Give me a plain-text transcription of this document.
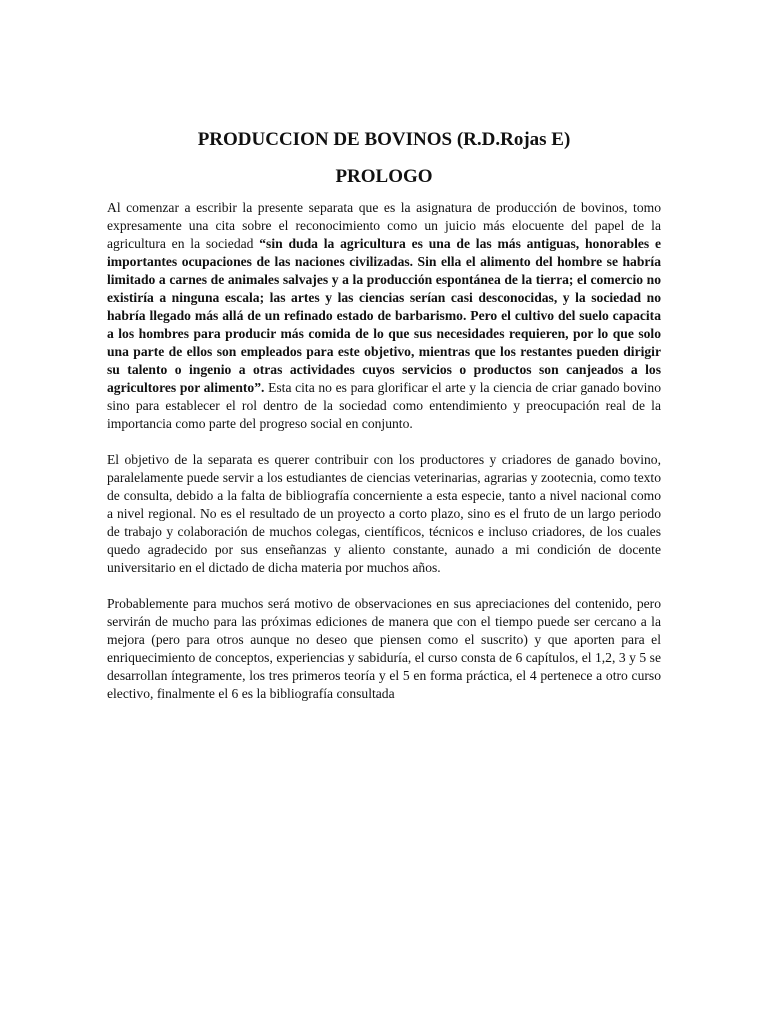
PRODUCCION DE BOVINOS (R.D.Rojas E)
PROLOGO

Al comenzar a escribir la presente separata que es la asignatura de producción de bovinos, tomo expresamente una cita sobre el reconocimiento como un juicio más elocuente del papel de la agricultura en la sociedad “sin duda la agricultura es una de las más antiguas, honorables e importantes ocupaciones de las naciones civilizadas. Sin ella el alimento del hombre se habría limitado a carnes de animales salvajes y a la producción espontánea de la tierra; el comercio no existiría a ninguna escala; las artes y las ciencias serían casi desconocidas, y la sociedad no habría llegado más allá de un refinado estado de barbarismo. Pero el cultivo del suelo capacita a los hombres para producir más comida de lo que sus necesidades requieren, por lo que solo una parte de ellos son empleados para este objetivo, mientras que los restantes pueden dirigir su talento o ingenio a otras actividades cuyos servicios o productos son canjeados a los agricultores por alimento”. Esta cita no es para glorificar el arte y la ciencia de criar ganado bovino sino para establecer el rol dentro de la sociedad como entendimiento y preocupación real de la importancia como parte del progreso social en conjunto.

El objetivo de la separata es querer contribuir con los productores y criadores de ganado bovino, paralelamente puede servir a los estudiantes de ciencias veterinarias, agrarias y zootecnia, como texto de consulta, debido a la falta de bibliografía concerniente a esta especie, tanto a nivel nacional como a nivel regional. No es el resultado de un proyecto a corto plazo, sino es el fruto de un largo periodo de trabajo y colaboración de muchos colegas, científicos, técnicos e incluso criadores, de los cuales quedo agradecido por sus enseñanzas y aliento constante, aunado a mi condición de docente universitario en el dictado de dicha materia por muchos años.

Probablemente para muchos será motivo de observaciones en sus apreciaciones del contenido, pero servirán de mucho para las próximas ediciones de manera que con el tiempo puede ser cercano a la mejora (pero para otros aunque no deseo que piensen como el suscrito) y que aporten para el enriquecimiento de conceptos, experiencias y sabiduría, el curso consta de 6 capítulos, el 1,2, 3 y 5 se desarrollan íntegramente, los tres primeros teoría y el 5 en forma práctica, el 4 pertenece a otro curso electivo, finalmente el 6 es la bibliografía consultada
